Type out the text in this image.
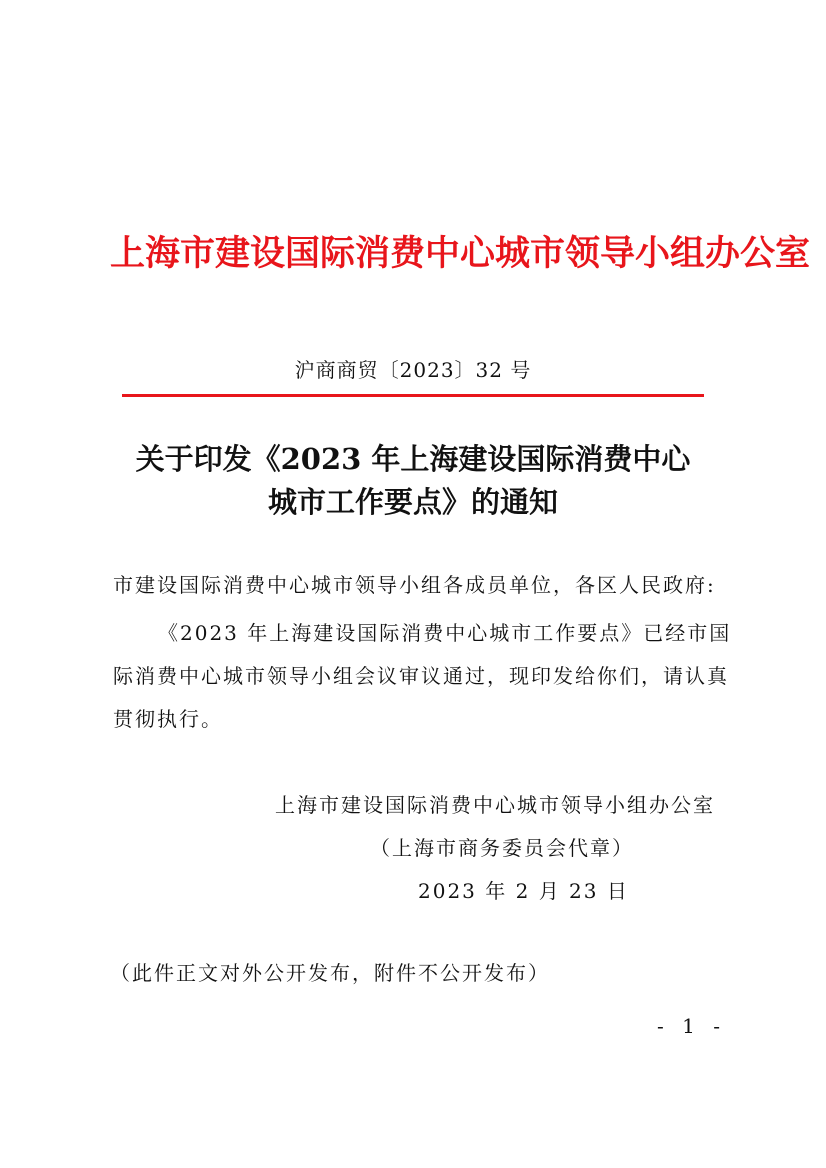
上海市建设国际消费中心城市领导小组办公室
沪商商贸〔2023〕32 号
关于印发《2023 年上海建设国际消费中心
城市工作要点》的通知
市建设国际消费中心城市领导小组各成员单位，各区人民政府:
《2023 年上海建设国际消费中心城市工作要点》已经市国
际消费中心城市领导小组会议审议通过，现印发给你们，请认真
贯彻执行。
上海市建设国际消费中心城市领导小组办公室
（上海市商务委员会代章）
2023 年 2 月 23 日
（此件正文对外公开发布，附件不公开发布）
- 1 -
